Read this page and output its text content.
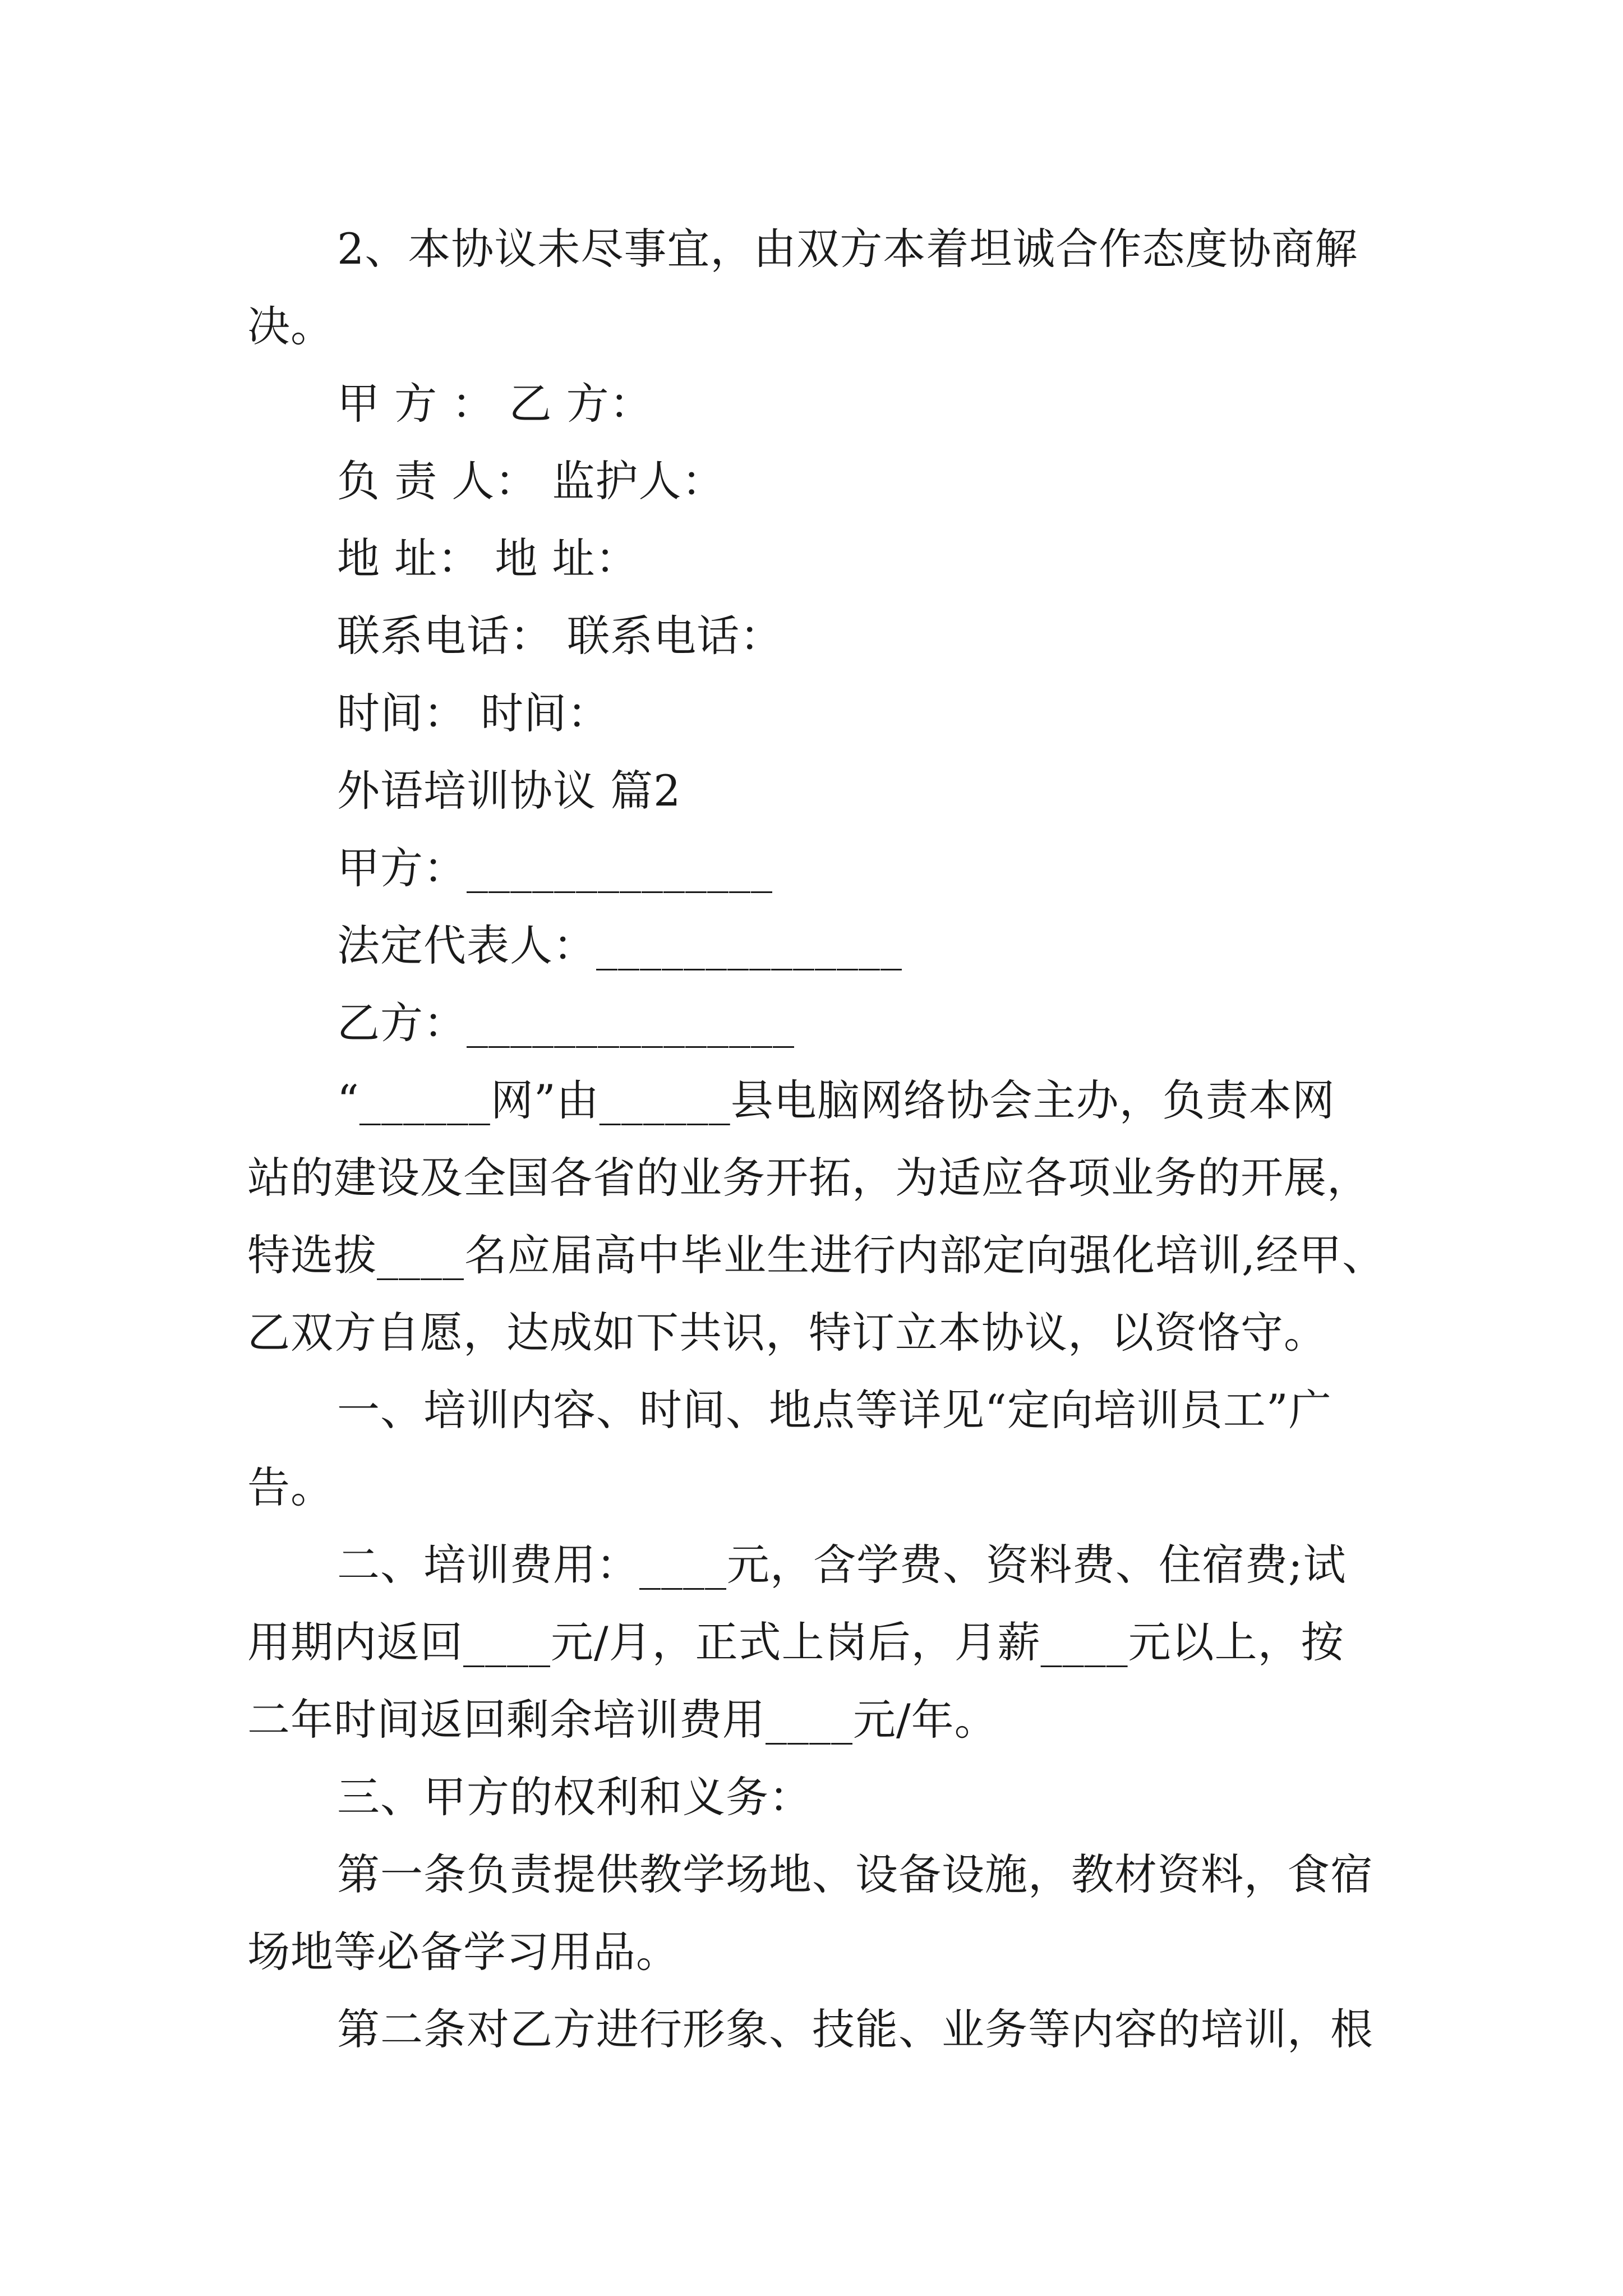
2、本协议未尽事宜，由双方本着坦诚合作态度协商解
决。
甲 方 ： 乙 方：
负 责 人： 监护人：
地 址： 地 址：
联系电话： 联系电话：
时间： 时间：
外语培训协议 篇2
甲方：______________
法定代表人：______________
乙方：_______________
“______网”由______县电脑网络协会主办，负责本网
站的建设及全国各省的业务开拓，为适应各项业务的开展，
特选拔____名应届高中毕业生进行内部定向强化培训,经甲、
乙双方自愿，达成如下共识，特订立本协议，以资恪守。
一、培训内容、时间、地点等详见“定向培训员工”广
告。
二、培训费用：____元，含学费、资料费、住宿费;试
用期内返回____元/月，正式上岗后，月薪____元以上，按
二年时间返回剩余培训费用____元/年。
三、甲方的权利和义务：
第一条负责提供教学场地、设备设施，教材资料，食宿
场地等必备学习用品。
第二条对乙方进行形象、技能、业务等内容的培训，根
